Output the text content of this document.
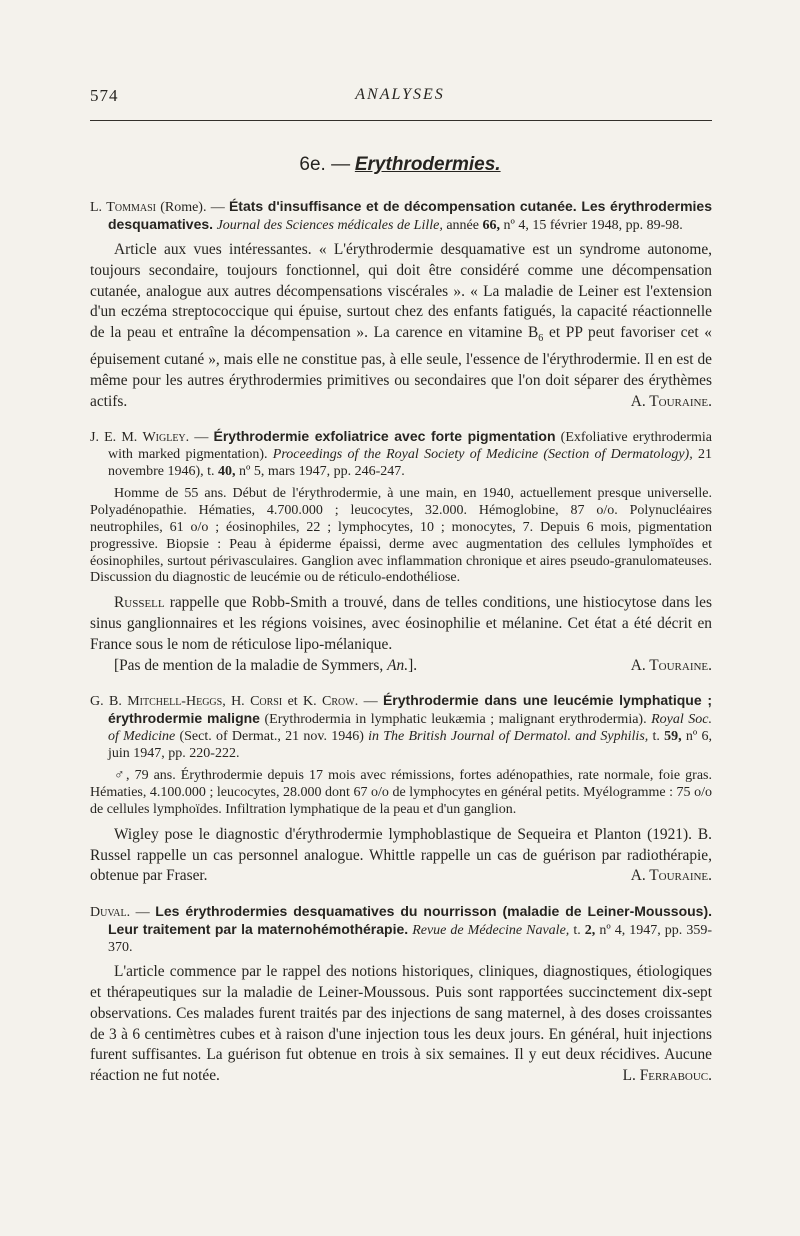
574	ANALYSES
6e. — Erythrodermies.

L. Tommasi (Rome). — États d'insuffisance et de décompensation cutanée. Les érythrodermies desquamatives. Journal des Sciences médicales de Lille, année 66, nº 4, 15 février 1948, pp. 89-98.

Article aux vues intéressantes. « L'érythrodermie desquamative est un syndrome autonome, toujours secondaire, toujours fonctionnel, qui doit être considéré comme une décompensation cutanée, analogue aux autres décompensations viscérales ». « La maladie de Leiner est l'extension d'un eczéma streptococcique qui épuise, surtout chez des enfants fatigués, la capacité réactionnelle de la peau et entraîne la décompensation ». La carence en vitamine $B_6$ et PP peut favoriser cet « épuisement cutané », mais elle ne constitue pas, à elle seule, l'essence de l'érythrodermie. Il en est de même pour les autres érythrodermies primitives ou secondaires que l'on doit séparer des érythèmes actifs.	A. Touraine.

J. E. M. Wigley. — Érythrodermie exfoliatrice avec forte pigmentation (Exfoliative erythrodermia with marked pigmentation). Proceedings of the Royal Society of Medicine (Section of Dermatology), 21 novembre 1946), t. 40, nº 5, mars 1947, pp. 246-247.

Homme de 55 ans. Début de l'érythrodermie, à une main, en 1940, actuellement presque universelle. Polyadénopathie. Hématies, 4.700.000 ; leucocytes, 32.000. Hémoglobine, 87 o/o. Polynucléaires neutrophiles, 61 o/o ; éosinophiles, 22 ; lymphocytes, 10 ; monocytes, 7. Depuis 6 mois, pigmentation progressive. Biopsie : Peau à épiderme épaissi, derme avec augmentation des cellules lymphoïdes et éosinophiles, surtout périvasculaires. Ganglion avec inflammation chronique et aires pseudo-granulomateuses. Discussion du diagnostic de leucémie ou de réticulo-endothéliose.

Russell rappelle que Robb-Smith a trouvé, dans de telles conditions, une histiocytose dans les sinus ganglionnaires et les régions voisines, avec éosinophilie et mélanine. Cet état a été décrit en France sous le nom de réticulose lipo-mélanique.

[Pas de mention de la maladie de Symmers, An.].	A. Touraine.

G. B. Mitchell-Heggs, H. Corsi et K. Crow. — Érythrodermie dans une leucémie lymphatique ; érythrodermie maligne (Erythrodermia in lymphatic leukæmia ; malignant erythrodermia). Royal Soc. of Medicine (Sect. of Dermat., 21 nov. 1946) in The British Journal of Dermatol. and Syphilis, t. 59, nº 6, juin 1947, pp. 220-222.

♂, 79 ans. Érythrodermie depuis 17 mois avec rémissions, fortes adénopathies, rate normale, foie gras. Hématies, 4.100.000 ; leucocytes, 28.000 dont 67 o/o de lymphocytes en général petits. Myélogramme : 75 o/o de cellules lymphoïdes. Infiltration lymphatique de la peau et d'un ganglion.

Wigley pose le diagnostic d'érythrodermie lymphoblastique de Sequeira et Planton (1921). B. Russel rappelle un cas personnel analogue. Whittle rappelle un cas de guérison par radiothérapie, obtenue par Fraser.	A. Touraine.

Duval. — Les érythrodermies desquamatives du nourrisson (maladie de Leiner-Moussous). Leur traitement par la maternohémothérapie. Revue de Médecine Navale, t. 2, nº 4, 1947, pp. 359-370.

L'article commence par le rappel des notions historiques, cliniques, diagnostiques, étiologiques et thérapeutiques sur la maladie de Leiner-Moussous. Puis sont rapportées succinctement dix-sept observations. Ces malades furent traités par des injections de sang maternel, à des doses croissantes de 3 à 6 centimètres cubes et à raison d'une injection tous les deux jours. En général, huit injections furent suffisantes. La guérison fut obtenue en trois à six semaines. Il y eut deux récidives. Aucune réaction ne fut notée.	L. Ferrabouc.
